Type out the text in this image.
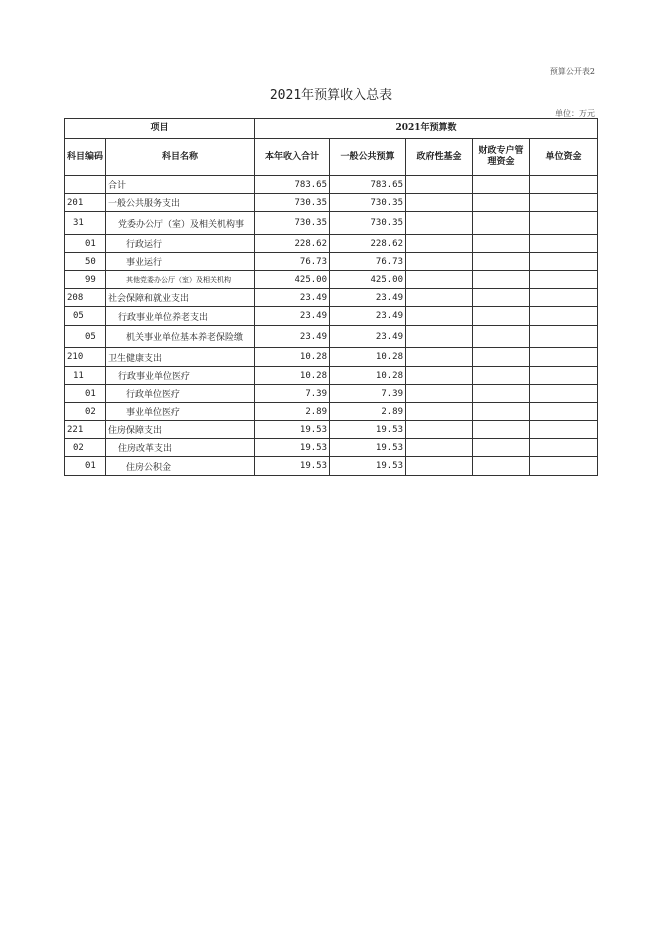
预算公开表2
2021年预算收入总表
单位：万元
项目		2021年预算数				
科目编码	科目名称	本年收入合计	一般公共预算	政府性基金	财政专户管理资金	单位资金
	合计	783.65	783.65			
201	一般公共服务支出	730.35	730.35			
31	党委办公厅（室）及相关机构事	730.35	730.35			
01	行政运行	228.62	228.62			
50	事业运行	76.73	76.73			
99	其他党委办公厅（室）及相关机构	425.00	425.00			
208	社会保障和就业支出	23.49	23.49			
05	行政事业单位养老支出	23.49	23.49			
05	机关事业单位基本养老保险缴	23.49	23.49			
210	卫生健康支出	10.28	10.28			
11	行政事业单位医疗	10.28	10.28			
01	行政单位医疗	7.39	7.39			
02	事业单位医疗	2.89	2.89			
221	住房保障支出	19.53	19.53			
02	住房改革支出	19.53	19.53			
01	住房公积金	19.53	19.53			
